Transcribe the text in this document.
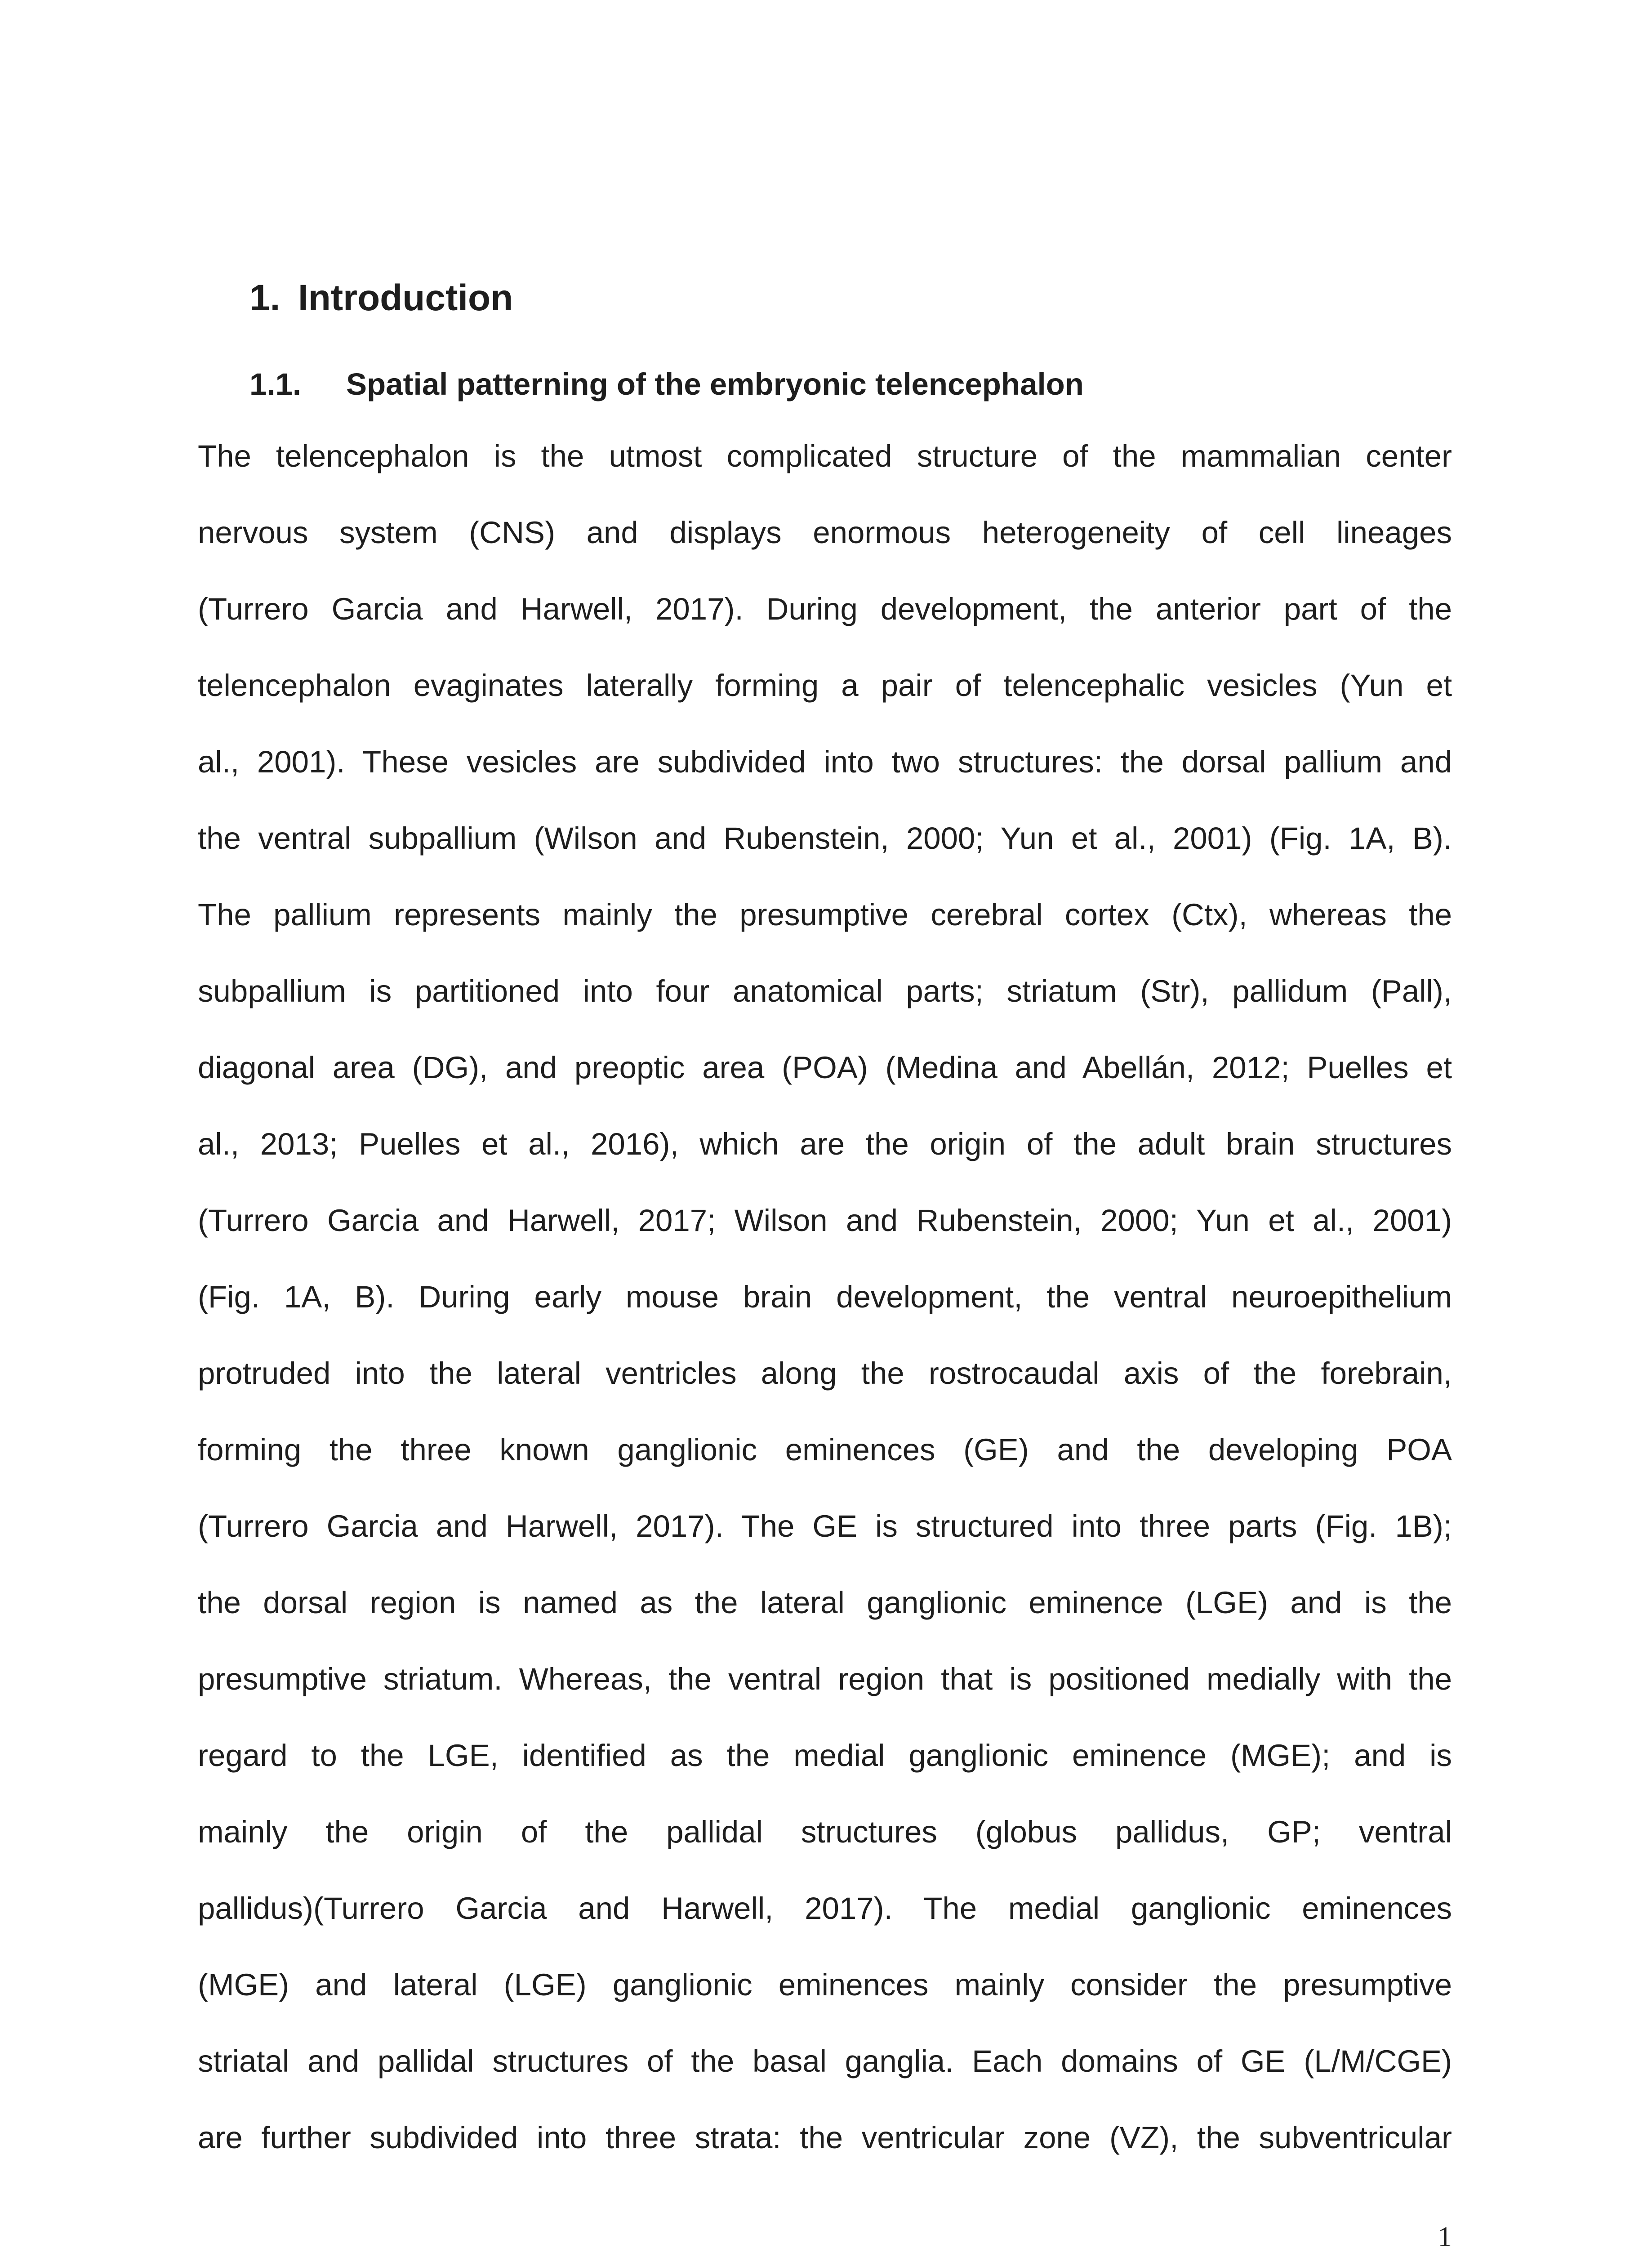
1. Introduction
1.1. Spatial patterning of the embryonic telencephalon
The telencephalon is the utmost complicated structure of the mammalian center
nervous system (CNS) and displays enormous heterogeneity of cell lineages
(Turrero Garcia and Harwell, 2017). During development, the anterior part of the
telencephalon evaginates laterally forming a pair of telencephalic vesicles (Yun et
al., 2001). These vesicles are subdivided into two structures: the dorsal pallium and
the ventral subpallium (Wilson and Rubenstein, 2000; Yun et al., 2001) (Fig. 1A, B).
The pallium represents mainly the presumptive cerebral cortex (Ctx), whereas the
subpallium is partitioned into four anatomical parts; striatum (Str), pallidum (Pall),
diagonal area (DG), and preoptic area (POA) (Medina and Abellán, 2012; Puelles et
al., 2013; Puelles et al., 2016), which are the origin of the adult brain structures
(Turrero Garcia and Harwell, 2017; Wilson and Rubenstein, 2000; Yun et al., 2001)
(Fig. 1A, B). During early mouse brain development, the ventral neuroepithelium
protruded into the lateral ventricles along the rostrocaudal axis of the forebrain,
forming the three known ganglionic eminences (GE) and the developing POA
(Turrero Garcia and Harwell, 2017). The GE is structured into three parts (Fig. 1B);
the dorsal region is named as the lateral ganglionic eminence (LGE) and is the
presumptive striatum. Whereas, the ventral region that is positioned medially with the
regard to the LGE, identified as the medial ganglionic eminence (MGE); and is
mainly the origin of the pallidal structures (globus pallidus, GP; ventral
pallidus)(Turrero Garcia and Harwell, 2017). The medial ganglionic eminences
(MGE) and lateral (LGE) ganglionic eminences mainly consider the presumptive
striatal and pallidal structures of the basal ganglia. Each domains of GE (L/M/CGE)
are further subdivided into three strata: the ventricular zone (VZ), the subventricular
1
